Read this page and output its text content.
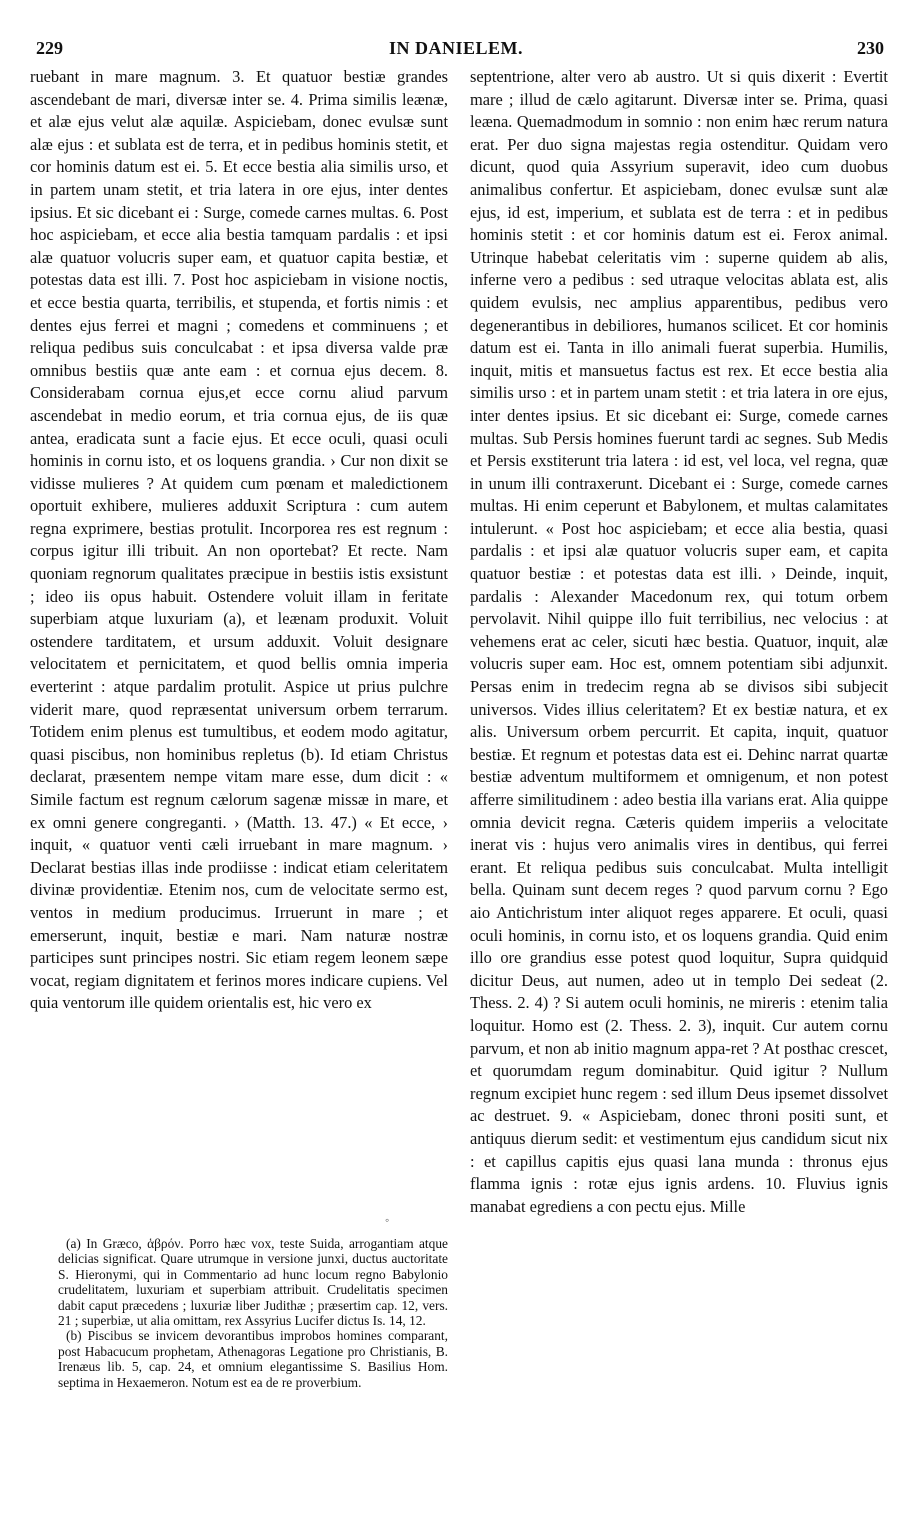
229	IN DANIELEM.	230

ruebant in mare magnum. 3. Et quatuor bestiæ grandes ascendebant de mari, diversæ inter se. 4. Prima similis leænæ, et alæ ejus velut alæ aquilæ. Aspiciebam, donec evulsæ sunt alæ ejus : et sublata est de terra, et in pedibus hominis stetit, et cor hominis datum est ei. 5. Et ecce bestia alia similis urso, et in partem unam stetit, et tria latera in ore ejus, inter dentes ipsius. Et sic dicebant ei : Surge, comede carnes multas. 6. Post hoc aspiciebam, et ecce alia bestia tamquam pardalis : et ipsi alæ quatuor volucris super eam, et quatuor capita bestiæ, et potestas data est illi. 7. Post hoc aspiciebam in visione noctis, et ecce bestia quarta, terribilis, et stupenda, et fortis nimis : et dentes ejus ferrei et magni ; comedens et comminuens ; et reliqua pedibus suis conculcabat : et ipsa diversa valde præ omnibus bestiis quæ ante eam : et cornua ejus decem. 8. Considerabam cornua ejus,et ecce cornu aliud parvum ascendebat in medio eorum, et tria cornua ejus, de iis quæ antea, eradicata sunt a facie ejus. Et ecce oculi, quasi oculi hominis in cornu isto, et os loquens grandia. › Cur non dixit se vidisse mulieres ? At quidem cum pœnam et maledictionem oportuit exhibere, mulieres adduxit Scriptura : cum autem regna exprimere, bestias protulit. Incorporea res est regnum : corpus igitur illi tribuit. An non oportebat? Et recte. Nam quoniam regnorum qualitates præcipue in bestiis istis exsistunt ; ideo iis opus habuit. Ostendere voluit illam in feritate superbiam atque luxuriam (a), et leænam produxit. Voluit ostendere tarditatem, et ursum adduxit. Voluit designare velocitatem et pernicitatem, et quod bellis omnia imperia everterint : atque pardalim protulit. Aspice ut prius pulchre viderit mare, quod repræsentat universum orbem terrarum. Totidem enim plenus est tumultibus, et eodem modo agitatur, quasi piscibus, non hominibus repletus (b). Id etiam Christus declarat, præsentem nempe vitam mare esse, dum dicit : « Simile factum est regnum cælorum sagenæ missæ in mare, et ex omni genere congreganti. › (Matth. 13. 47.) « Et ecce, › inquit, « quatuor venti cæli irruebant in mare magnum. › Declarat bestias illas inde prodiisse : indicat etiam celeritatem divinæ providentiæ. Etenim nos, cum de velocitate sermo est, ventos in medium producimus. Irruerunt in mare ; et emerserunt, inquit, bestiæ e mari. Nam naturæ nostræ participes sunt principes nostri. Sic etiam regem leonem sæpe vocat, regiam dignitatem et ferinos mores indicare cupiens. Vel quia ventorum ille quidem orientalis est, hic vero ex

◦

(a) In Græco, ἁβρόν. Porro hæc vox, teste Suida, arrogantiam atque delicias significat. Quare utrumque in versione junxi, ductus auctoritate S. Hieronymi, qui in Commentario ad hunc locum regno Babylonio crudelitatem, luxuriam et superbiam attribuit. Crudelitatis specimen dabit caput præcedens ; luxuriæ liber Judithæ ; præsertim cap. 12, vers. 21 ; superbiæ, ut alia omittam, rex Assyrius Lucifer dictus Is. 14, 12.

(b) Piscibus se invicem devorantibus improbos homines comparant, post Habacucum prophetam, Athenagoras Legatione pro Christianis, B. Irenæus lib. 5, cap. 24, et omnium elegantissime S. Basilius Hom. septima in Hexaemeron. Notum est ea de re proverbium.

septentrione, alter vero ab austro. Ut si quis dixerit : Evertit mare ; illud de cælo agitarunt. Diversæ inter se. Prima, quasi leæna. Quemadmodum in somnio : non enim hæc rerum natura erat. Per duo signa majestas regia ostenditur. Quidam vero dicunt, quod quia Assyrium superavit, ideo cum duobus animalibus confertur. Et aspiciebam, donec evulsæ sunt alæ ejus, id est, imperium, et sublata est de terra : et in pedibus hominis stetit : et cor hominis datum est ei. Ferox animal. Utrinque habebat celeritatis vim : superne quidem ab alis, inferne vero a pedibus : sed utraque velocitas ablata est, alis quidem evulsis, nec amplius apparentibus, pedibus vero degenerantibus in debiliores, humanos scilicet. Et cor hominis datum est ei. Tanta in illo animali fuerat superbia. Humilis, inquit, mitis et mansuetus factus est rex. Et ecce bestia alia similis urso : et in partem unam stetit : et tria latera in ore ejus, inter dentes ipsius. Et sic dicebant ei: Surge, comede carnes multas. Sub Persis homines fuerunt tardi ac segnes. Sub Medis et Persis exstiterunt tria latera : id est, vel loca, vel regna, quæ in unum illi contraxerunt. Dicebant ei : Surge, comede carnes multas. Hi enim ceperunt et Babylonem, et multas calamitates intulerunt. « Post hoc aspiciebam; et ecce alia bestia, quasi pardalis : et ipsi alæ quatuor volucris super eam, et capita quatuor bestiæ : et potestas data est illi. › Deinde, inquit, pardalis : Alexander Macedonum rex, qui totum orbem pervolavit. Nihil quippe illo fuit terribilius, nec velocius : at vehemens erat ac celer, sicuti hæc bestia. Quatuor, inquit, alæ volucris super eam. Hoc est, omnem potentiam sibi adjunxit. Persas enim in tredecim regna ab se divisos sibi subjecit universos. Vides illius celeritatem? Et ex bestiæ natura, et ex alis. Universum orbem percurrit. Et capita, inquit, quatuor bestiæ. Et regnum et potestas data est ei. Dehinc narrat quartæ bestiæ adventum multiformem et omnigenum, et non potest afferre similitudinem : adeo bestia illa varians erat. Alia quippe omnia devicit regna. Cæteris quidem imperiis a velocitate inerat vis : hujus vero animalis vires in dentibus, qui ferrei erant. Et reliqua pedibus suis conculcabat. Multa intelligit bella. Quinam sunt decem reges ? quod parvum cornu ? Ego aio Antichristum inter aliquot reges apparere. Et oculi, quasi oculi hominis, in cornu isto, et os loquens grandia. Quid enim illo ore grandius esse potest quod loquitur, Supra quidquid dicitur Deus, aut numen, adeo ut in templo Dei sedeat (2. Thess. 2. 4) ? Si autem oculi hominis, ne mireris : etenim talia loquitur. Homo est (2. Thess. 2. 3), inquit. Cur autem cornu parvum, et non ab initio magnum appa-ret ? At posthac crescet, et quorumdam regum dominabitur. Quid igitur ? Nullum regnum excipiet hunc regem : sed illum Deus ipsemet dissolvet ac destruet. 9. « Aspiciebam, donec throni positi sunt, et antiquus dierum sedit: et vestimentum ejus candidum sicut nix : et capillus capitis ejus quasi lana munda : thronus ejus flamma ignis : rotæ ejus ignis ardens. 10. Fluvius ignis manabat egrediens a con pectu ejus. Mille
